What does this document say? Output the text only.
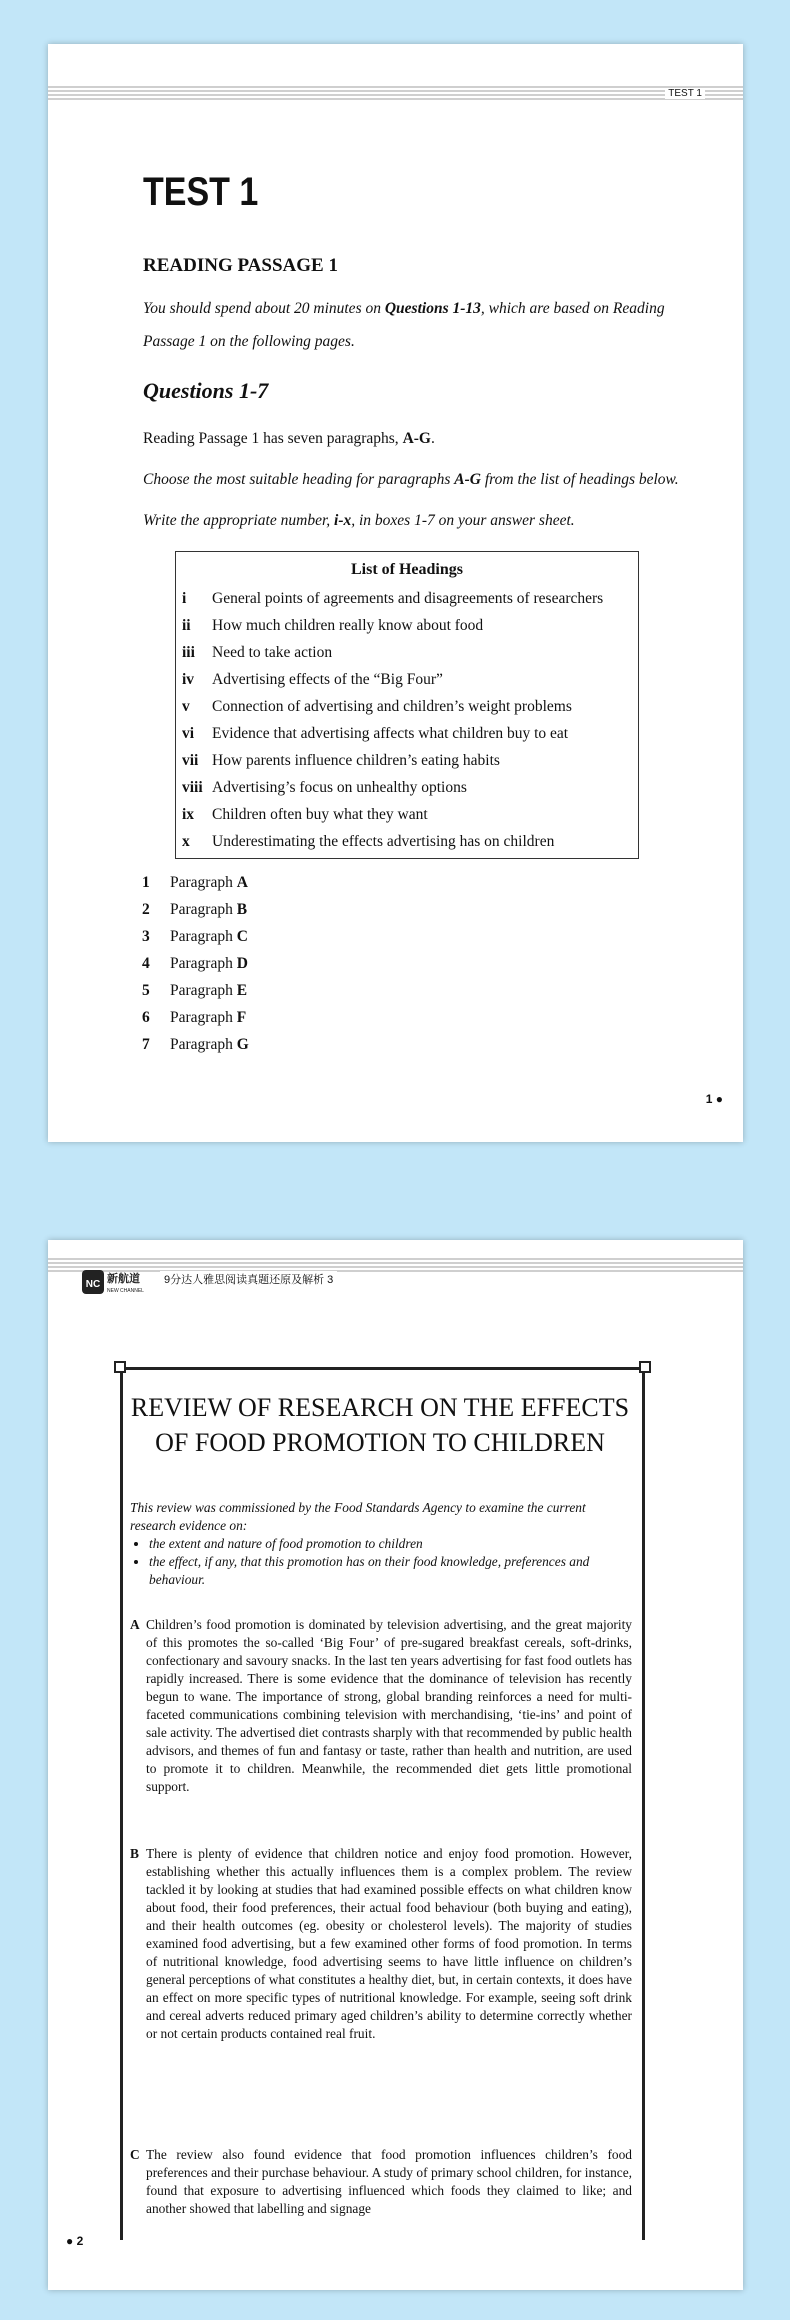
TEST 1
TEST 1
READING PASSAGE 1
You should spend about 20 minutes on Questions 1-13, which are based on Reading Passage 1 on the following pages.
Questions 1-7
Reading Passage 1 has seven paragraphs, A-G.
Choose the most suitable heading for paragraphs A-G from the list of headings below.
Write the appropriate number, i-x, in boxes 1-7 on your answer sheet.
List of Headings
i General points of agreements and disagreements of researchers
ii How much children really know about food
iii Need to take action
iv Advertising effects of the “Big Four”
v Connection of advertising and children’s weight problems
vi Evidence that advertising affects what children buy to eat
vii How parents influence children’s eating habits
viii Advertising’s focus on unhealthy options
ix Children often buy what they want
x Underestimating the effects advertising has on children
1 Paragraph A
2 Paragraph B
3 Paragraph C
4 Paragraph D
5 Paragraph E
6 Paragraph F
7 Paragraph G
1 ●
NC 新航道
NEW CHANNEL
9分达人雅思阅读真题还原及解析 3
REVIEW OF RESEARCH ON THE EFFECTS
OF FOOD PROMOTION TO CHILDREN
This review was commissioned by the Food Standards Agency to examine the current research evidence on:
• the extent and nature of food promotion to children
• the effect, if any, that this promotion has on their food knowledge, preferences and behaviour.
A Children’s food promotion is dominated by television advertising, and the great majority of this promotes the so-called ‘Big Four’ of pre-sugared breakfast cereals, soft-drinks, confectionary and savoury snacks. In the last ten years advertising for fast food outlets has rapidly increased. There is some evidence that the dominance of television has recently begun to wane. The importance of strong, global branding reinforces a need for multi-faceted communications combining television with merchandising, ‘tie-ins’ and point of sale activity. The advertised diet contrasts sharply with that recommended by public health advisors, and themes of fun and fantasy or taste, rather than health and nutrition, are used to promote it to children. Meanwhile, the recommended diet gets little promotional support.
B There is plenty of evidence that children notice and enjoy food promotion. However, establishing whether this actually influences them is a complex problem. The review tackled it by looking at studies that had examined possible effects on what children know about food, their food preferences, their actual food behaviour (both buying and eating), and their health outcomes (eg. obesity or cholesterol levels). The majority of studies examined food advertising, but a few examined other forms of food promotion. In terms of nutritional knowledge, food advertising seems to have little influence on children’s general perceptions of what constitutes a healthy diet, but, in certain contexts, it does have an effect on more specific types of nutritional knowledge. For example, seeing soft drink and cereal adverts reduced primary aged children’s ability to determine correctly whether or not certain products contained real fruit.
C The review also found evidence that food promotion influences children’s food preferences and their purchase behaviour. A study of primary school children, for instance, found that exposure to advertising influenced which foods they claimed to like; and another showed that labelling and signage
● 2
